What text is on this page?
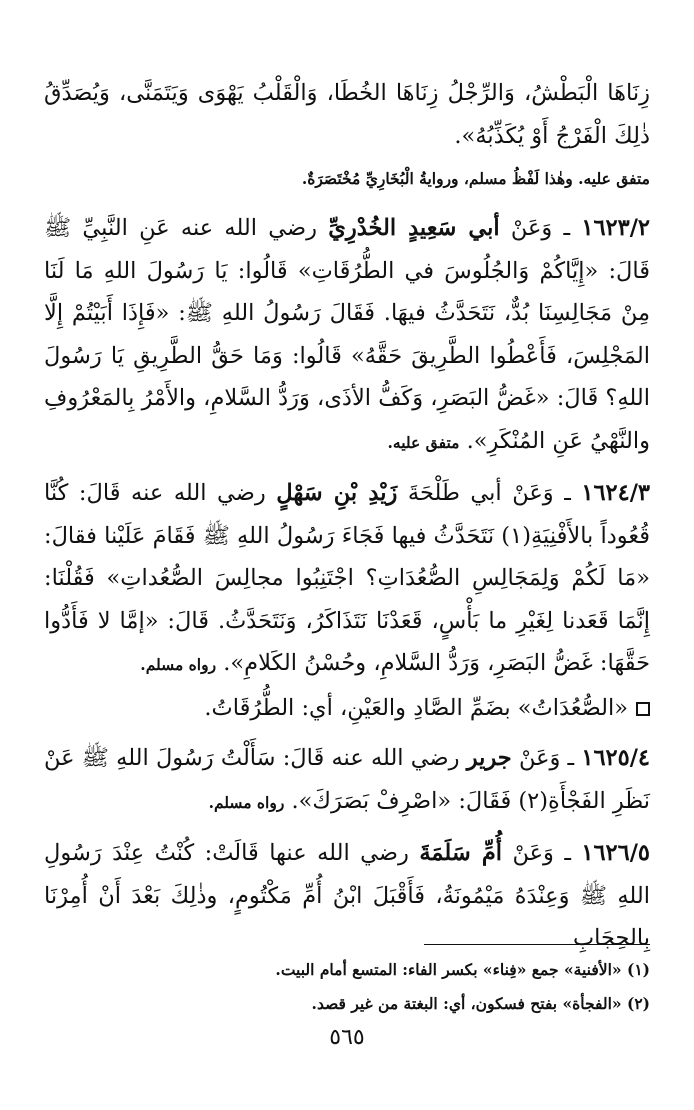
زِنَاهَا الْبَطْشُ، وَالرِّجْلُ زِنَاهَا الخُطَا، وَالْقَلْبُ يَهْوَى وَيَتَمَنَّى، وَيُصَدِّقُ ذٰلِكَ الْفَرْجُ أَوْ يُكَذِّبُهُ».

متفق عليه. وهٰذا لَفْظُ مسلم، وروايةُ الْبُخَارِيِّ مُخْتَصَرَةٌ.

١٦٢٣/٢ ـ وَعَنْ أبي سَعِيدٍ الخُدْرِيِّ رضي الله عنه عَنِ النَّبِيِّ ﷺ قَالَ: «إِيَّاكُمْ وَالجُلُوسَ في الطُّرُقَاتِ» قَالُوا: يَا رَسُولَ اللهِ مَا لَنَا مِنْ مَجَالِسِنَا بُدٌّ، نَتَحَدَّثُ فيهَا. فَقَالَ رَسُولُ اللهِ ﷺ: «فَإِذَا أَبَيْتُمْ إِلَّا المَجْلِسَ، فَأَعْطُوا الطَّرِيقَ حَقَّهُ» قَالُوا: وَمَا حَقُّ الطَّرِيقِ يَا رَسُولَ اللهِ؟ قَالَ: «غَضُّ البَصَرِ، وَكَفُّ الأذَى، وَرَدُّ السَّلامِ، والأَمْرُ بِالمَعْرُوفِ والنَّهْيُ عَنِ المُنْكَرِ». متفق عليه.

١٦٢٤/٣ ـ وَعَنْ أبي طَلْحَةَ زَيْدِ بْنِ سَهْلٍ رضي الله عنه قَالَ: كُنَّا قُعُوداً بالأَفْنِيَةِ(١) نَتَحَدَّثُ فيها فَجَاءَ رَسُولُ اللهِ ﷺ فَقَامَ عَلَيْنا فقالَ: «مَا لَكُمْ وَلِمَجَالِسِ الصُّعُدَاتِ؟ اجْتَنِبُوا مجالِسَ الصُّعُداتِ» فَقُلْنَا: إِنَّمَا قَعَدنا لِغَيْرِ ما بَأْسٍ، قَعَدْنَا نَتَذَاكَرُ، وَنَتَحَدَّثُ. قَالَ: «إمَّا لا فَأَدُّوا حَقَّهَا: غَضُّ البَصَرِ، وَرَدُّ السَّلامِ، وحُسْنُ الكَلامِ». رواه مسلم.

«الصُّعُدَاتُ» بضَمِّ الصَّادِ والعَيْنِ، أي: الطُّرُقَاتُ.

١٦٢٥/٤ ـ وَعَنْ جرير رضي الله عنه قَالَ: سَأَلْتُ رَسُولَ اللهِ ﷺ عَنْ نَظَرِ الفَجْأَةِ(٢) فَقَالَ: «اصْرِفْ بَصَرَكَ». رواه مسلم.

١٦٢٦/٥ ـ وَعَنْ أُمِّ سَلَمَةَ رضي الله عنها قَالَتْ: كُنْتُ عِنْدَ رَسُولِ اللهِ ﷺ وَعِنْدَهُ مَيْمُونَةُ، فَأَقْبَلَ ابْنُ أُمِّ مَكْتُومٍ، وذٰلِكَ بَعْدَ أَنْ أُمِرْنَا بِالحِجَابِ

(١) «الأفنية» جمع «فِناء» بكسر الفاء: المتسع أمام البيت.
(٢) «الفجأة» بفتح فسكون، أي: البغتة من غير قصد.
٥٦٥
